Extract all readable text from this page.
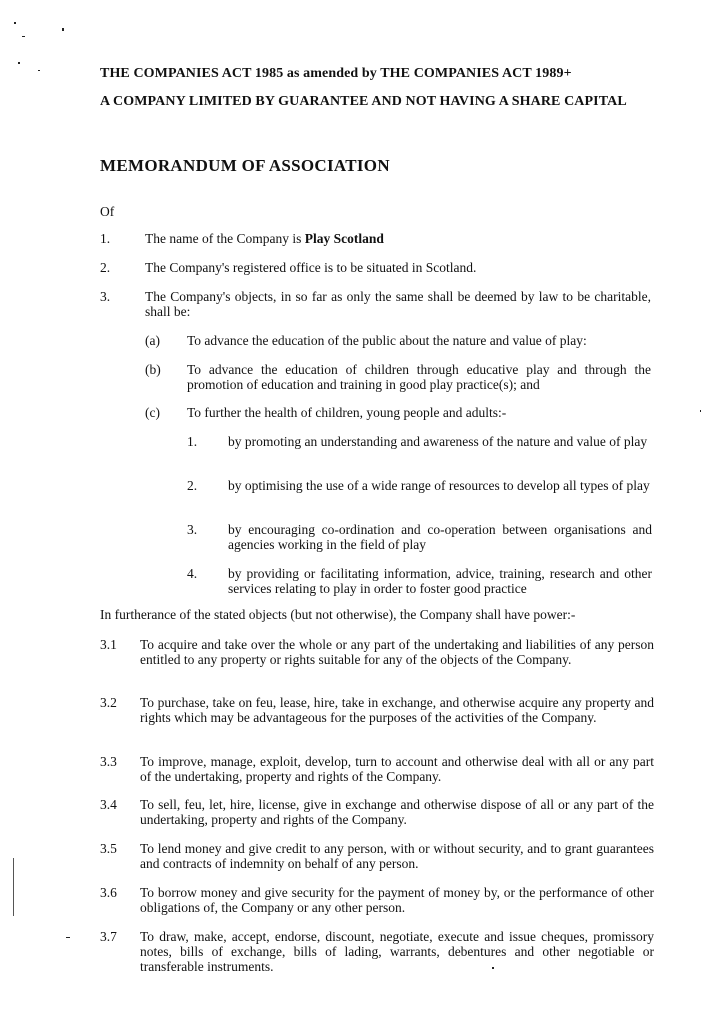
THE COMPANIES ACT 1985 as amended by THE COMPANIES ACT 1989+
A COMPANY LIMITED BY GUARANTEE AND NOT HAVING A SHARE CAPITAL
MEMORANDUM OF ASSOCIATION
Of
1.	The name of the Company is Play Scotland
2.	The Company's registered office is to be situated in Scotland.
3.	The Company's objects, in so far as only the same shall be deemed by law to be charitable, shall be:
(a) To advance the education of the public about the nature and value of play:
(b) To advance the education of children through educative play and through the promotion of education and training in good play practice(s); and
(c) To further the health of children, young people and adults:-
1. by promoting an understanding and awareness of the nature and value of play
2. by optimising the use of a wide range of resources to develop all types of play
3. by encouraging co-ordination and co-operation between organisations and agencies working in the field of play
4. by providing or facilitating information, advice, training, research and other services relating to play in order to foster good practice
In furtherance of the stated objects (but not otherwise), the Company shall have power:-
3.1 To acquire and take over the whole or any part of the undertaking and liabilities of any person entitled to any property or rights suitable for any of the objects of the Company.
3.2 To purchase, take on feu, lease, hire, take in exchange, and otherwise acquire any property and rights which may be advantageous for the purposes of the activities of the Company.
3.3 To improve, manage, exploit, develop, turn to account and otherwise deal with all or any part of the undertaking, property and rights of the Company.
3.4 To sell, feu, let, hire, license, give in exchange and otherwise dispose of all or any part of the undertaking, property and rights of the Company.
3.5 To lend money and give credit to any person, with or without security, and to grant guarantees and contracts of indemnity on behalf of any person.
3.6 To borrow money and give security for the payment of money by, or the performance of other obligations of, the Company or any other person.
3.7 To draw, make, accept, endorse, discount, negotiate, execute and issue cheques, promissory notes, bills of exchange, bills of lading, warrants, debentures and other negotiable or transferable instruments.
